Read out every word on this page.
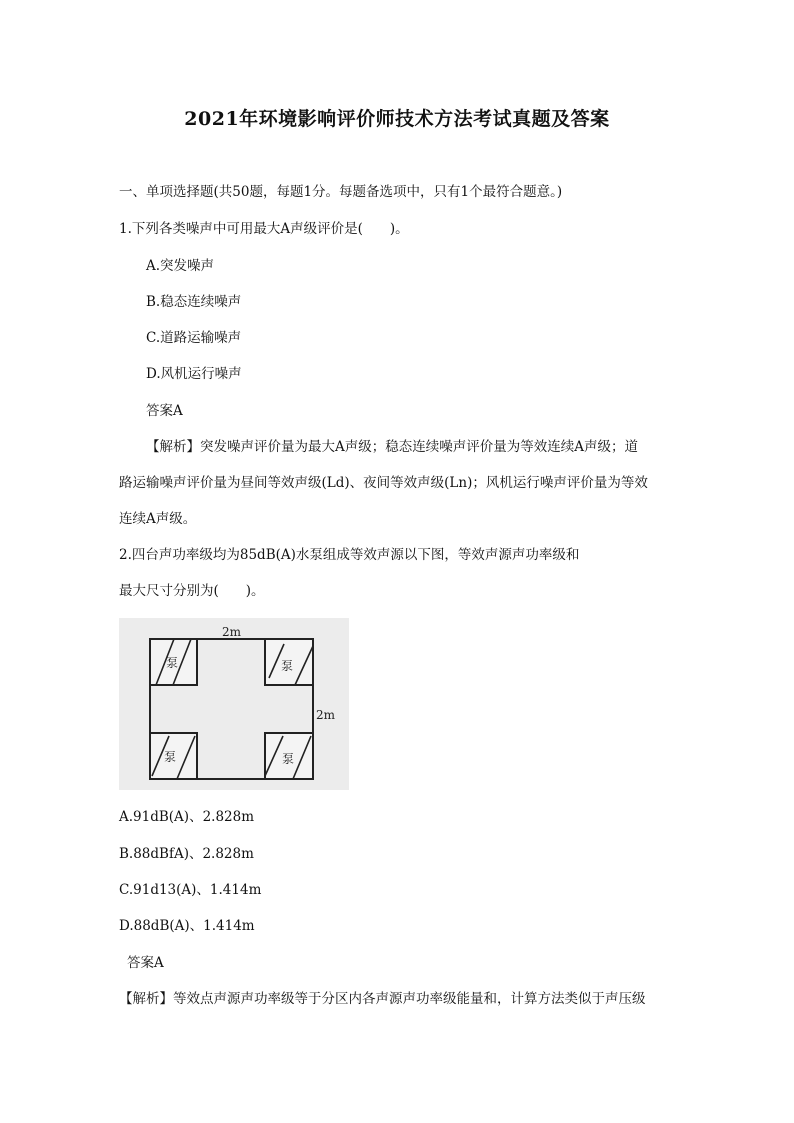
2021年环境影响评价师技术方法考试真题及答案
一、单项选择题(共50题，每题1分。每题备选项中，只有1个最符合题意。)
1.下列各类噪声中可用最大A声级评价是(　　)。
A.突发噪声
B.稳态连续噪声
C.道路运输噪声
D.风机运行噪声
答案A
【解析】突发噪声评价量为最大A声级；稳态连续噪声评价量为等效连续A声级；道
路运输噪声评价量为昼间等效声级(Ld)、夜间等效声级(Ln)；风机运行噪声评价量为等效
连续A声级。
2.四台声功率级均为85dB(A)水泵组成等效声源以下图，等效声源声功率级和
最大尺寸分别为(　　)。
泵	泵
泵	泵
2m
2m
A.91dB(A)、2.828m
B.88dBfA)、2.828m
C.91d13(A)、1.414m
D.88dB(A)、1.414m
答案A
【解析】等效点声源声功率级等于分区内各声源声功率级能量和，计算方法类似于声压级
